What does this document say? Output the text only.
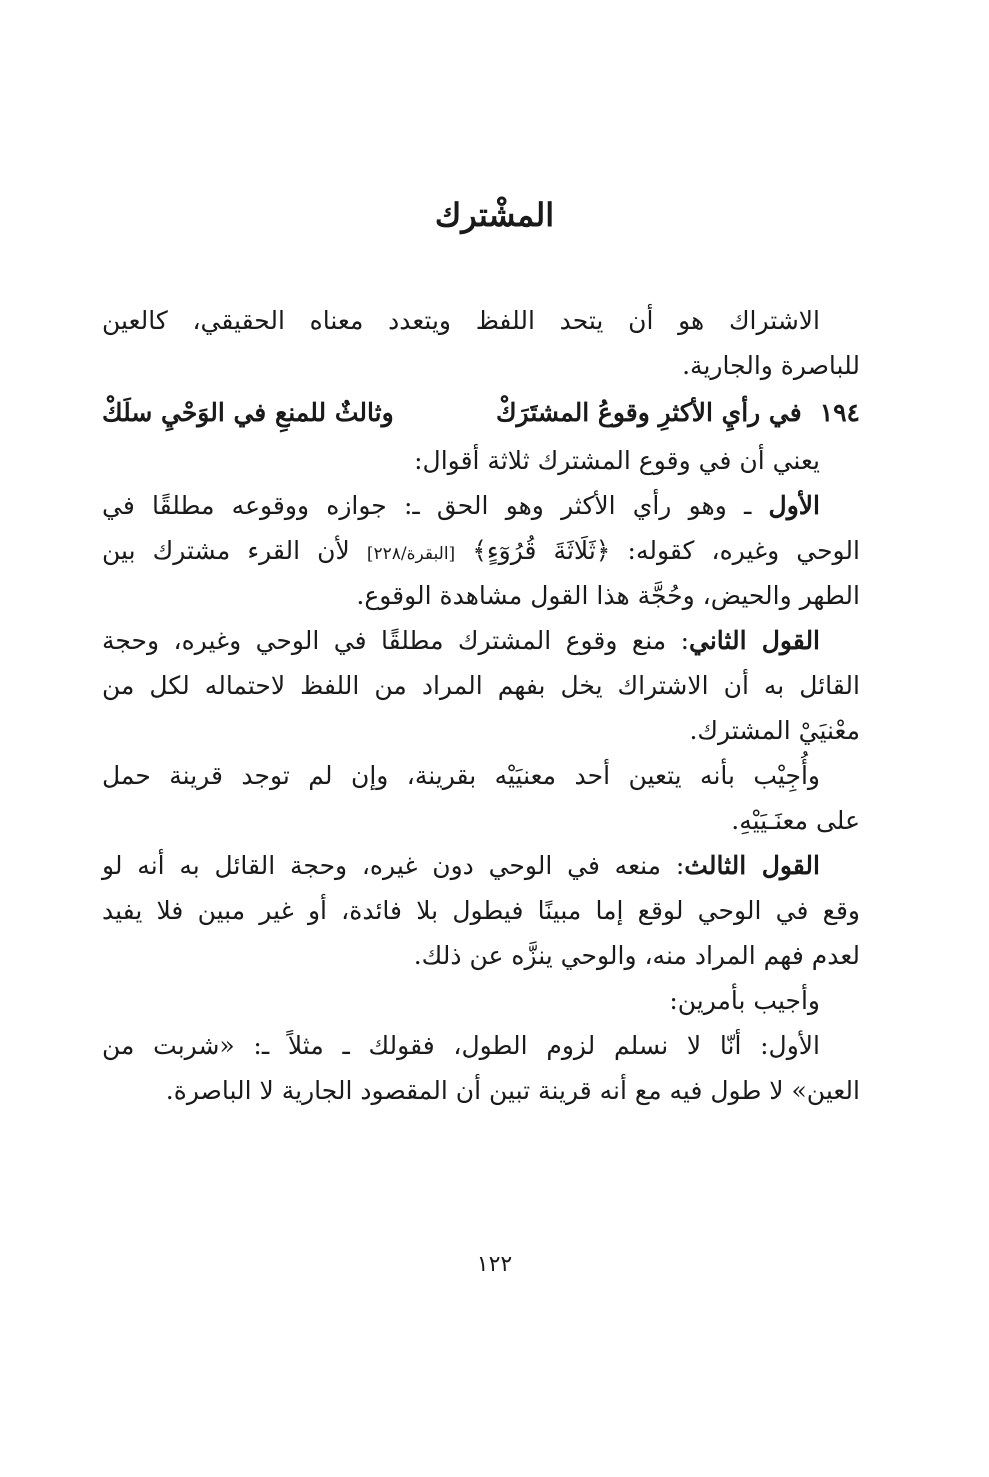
المشْترك
الاشتراك هو أن يتحد اللفظ ويتعدد معناه الحقيقي، كالعين
للباصرة والجارية.
١٩٤في رأيِ الأكثرِ وقوعُ المشتَرَكْ
وثالثٌ للمنعِ في الوَحْيِ سلَكْ
يعني أن في وقوع المشترك ثلاثة أقوال:
الأول ـ وهو رأي الأكثر وهو الحق ـ: جوازه ووقوعه مطلقًا في
الوحي وغيره، كقوله: ﴿ثَلَاثَةَ قُرُوٓءٍ﴾ [البقرة/٢٢٨] لأن القرء مشترك بين
الطهر والحيض، وحُجَّة هذا القول مشاهدة الوقوع.
القول الثاني: منع وقوع المشترك مطلقًا في الوحي وغيره، وحجة
القائل به أن الاشتراك يخل بفهم المراد من اللفظ لاحتماله لكل من
معْنيَيْ المشترك.
وأُجِيْب بأنه يتعين أحد معنيَيْه بقرينة، وإن لم توجد قرينة حمل
على معنَـيَيْهِ.
القول الثالث: منعه في الوحي دون غيره، وحجة القائل به أنه لو
وقع في الوحي لوقع إما مبينًا فيطول بلا فائدة، أو غير مبين فلا يفيد
لعدم فهم المراد منه، والوحي ينزَّه عن ذلك.
وأجيب بأمرين:
الأول: أنّا لا نسلم لزوم الطول، فقولك ـ مثلاً ـ: «شربت من
العين» لا طول فيه مع أنه قرينة تبين أن المقصود الجارية لا الباصرة.
١٢٢
